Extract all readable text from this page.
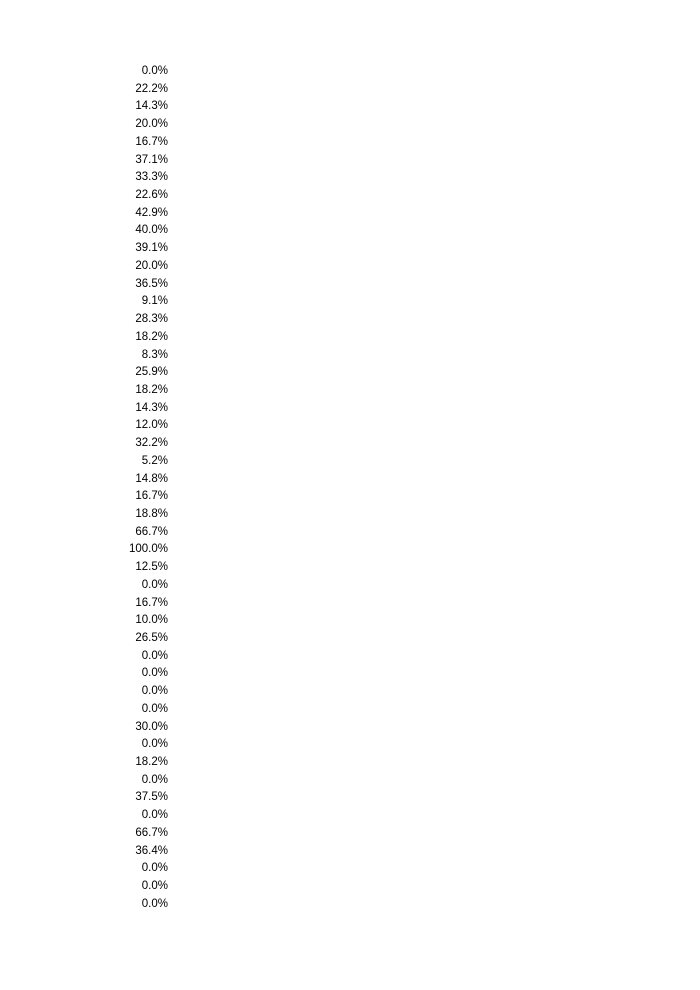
0.0%
22.2%
14.3%
20.0%
16.7%
37.1%
33.3%
22.6%
42.9%
40.0%
39.1%
20.0%
36.5%
9.1%
28.3%
18.2%
8.3%
25.9%
18.2%
14.3%
12.0%
32.2%
5.2%
14.8%
16.7%
18.8%
66.7%
100.0%
12.5%
0.0%
16.7%
10.0%
26.5%
0.0%
0.0%
0.0%
0.0%
30.0%
0.0%
18.2%
0.0%
37.5%
0.0%
66.7%
36.4%
0.0%
0.0%
0.0%
